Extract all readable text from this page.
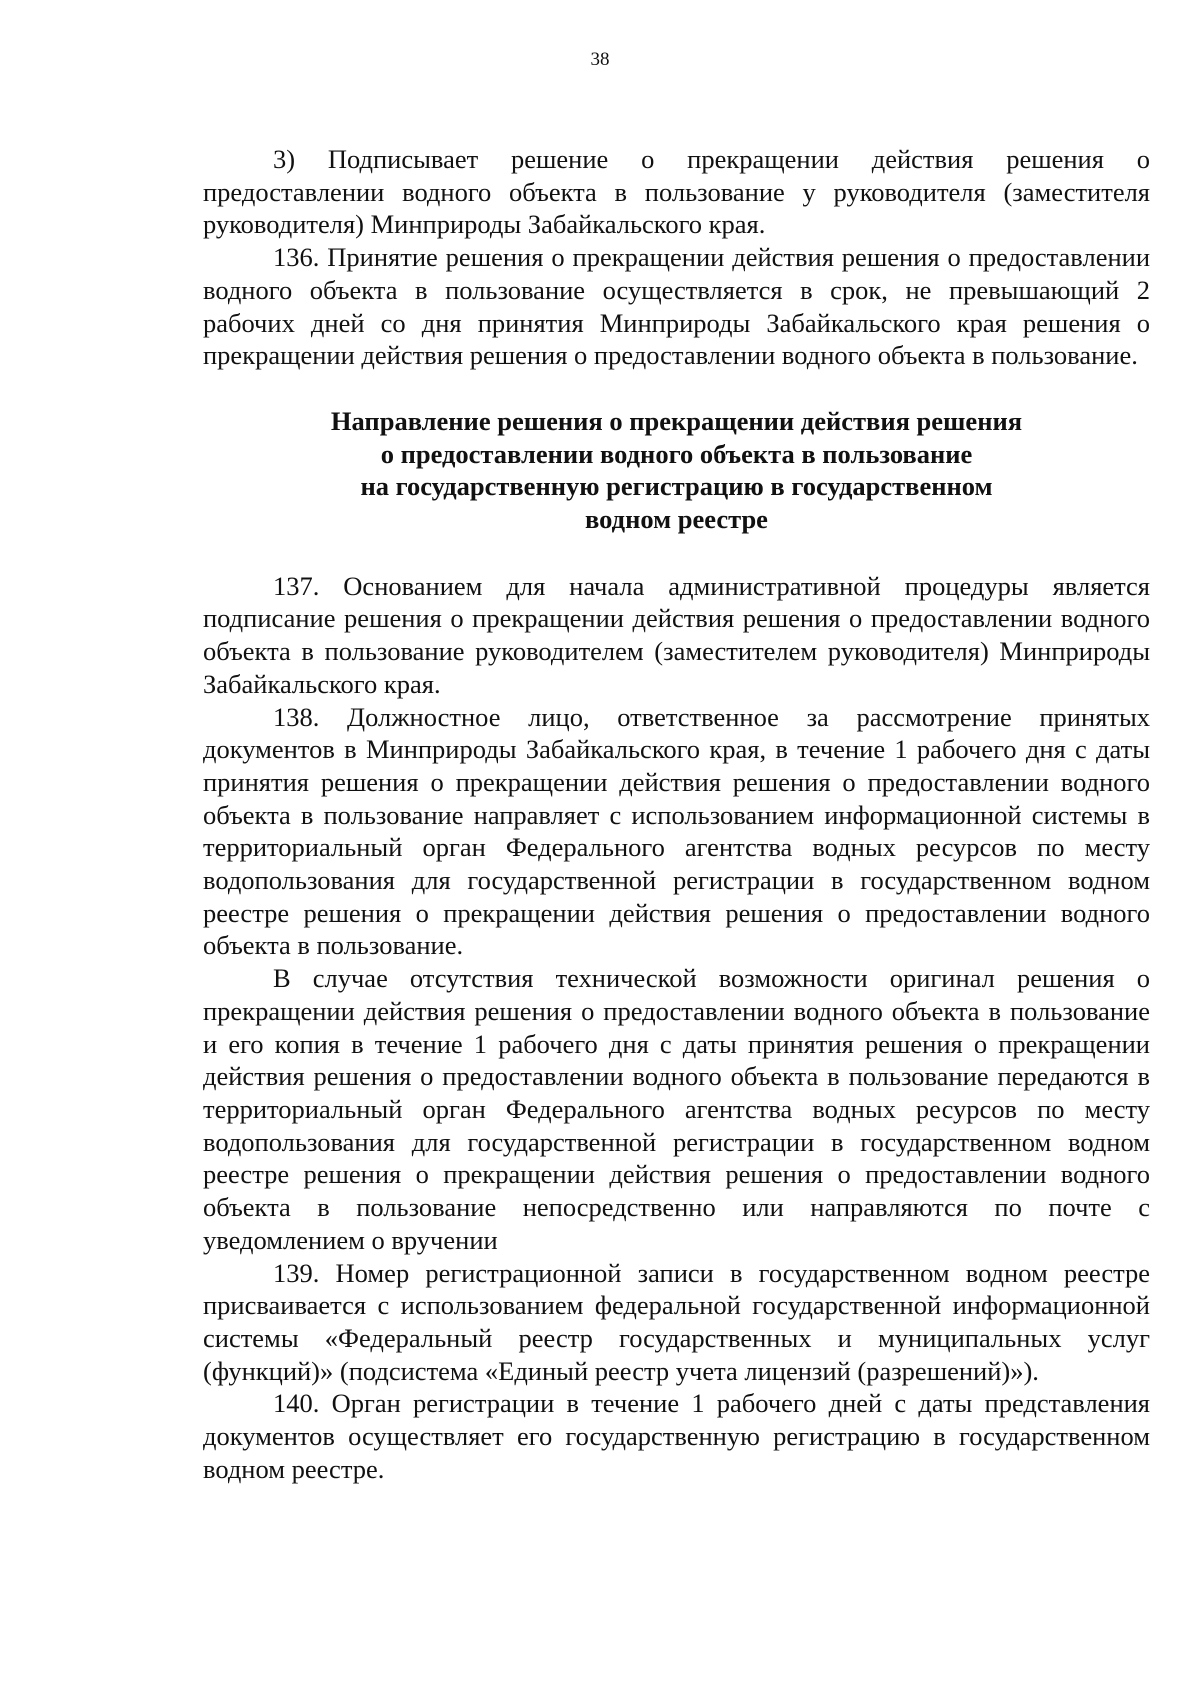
38

3) Подписывает решение о прекращении действия решения о предоставлении водного объекта в пользование у руководителя (заместителя руководителя) Минприроды Забайкальского края.

136. Принятие решения о прекращении действия решения о предоставлении водного объекта в пользование осуществляется в срок, не превышающий 2 рабочих дней со дня принятия Минприроды Забайкальского края решения о прекращении действия решения о предоставлении водного объекта в пользование.

Направление решения о прекращении действия решения
о предоставлении водного объекта в пользование
на государственную регистрацию в государственном
водном реестре

137. Основанием для начала административной процедуры является подписание решения о прекращении действия решения о предоставлении водного объекта в пользование руководителем (заместителем руководителя) Минприроды Забайкальского края.

138. Должностное лицо, ответственное за рассмотрение принятых документов в Минприроды Забайкальского края, в течение 1 рабочего дня с даты принятия решения о прекращении действия решения о предоставлении водного объекта в пользование направляет с использованием информационной системы в территориальный орган Федерального агентства водных ресурсов по месту водопользования для государственной регистрации в государственном водном реестре решения о прекращении действия решения о предоставлении водного объекта в пользование.

В случае отсутствия технической возможности оригинал решения о прекращении действия решения о предоставлении водного объекта в пользование и его копия в течение 1 рабочего дня с даты принятия решения о прекращении действия решения о предоставлении водного объекта в пользование передаются в территориальный орган Федерального агентства водных ресурсов по месту водопользования для государственной регистрации в государственном водном реестре решения о прекращении действия решения о предоставлении водного объекта в пользование непосредственно или направляются по почте с уведомлением о вручении

139. Номер регистрационной записи в государственном водном реестре присваивается с использованием федеральной государственной информационной системы «Федеральный реестр государственных и муниципальных услуг (функций)» (подсистема «Единый реестр учета лицензий (разрешений)»).

140. Орган регистрации в течение 1 рабочего дней с даты представления документов осуществляет его государственную регистрацию в государственном водном реестре.
